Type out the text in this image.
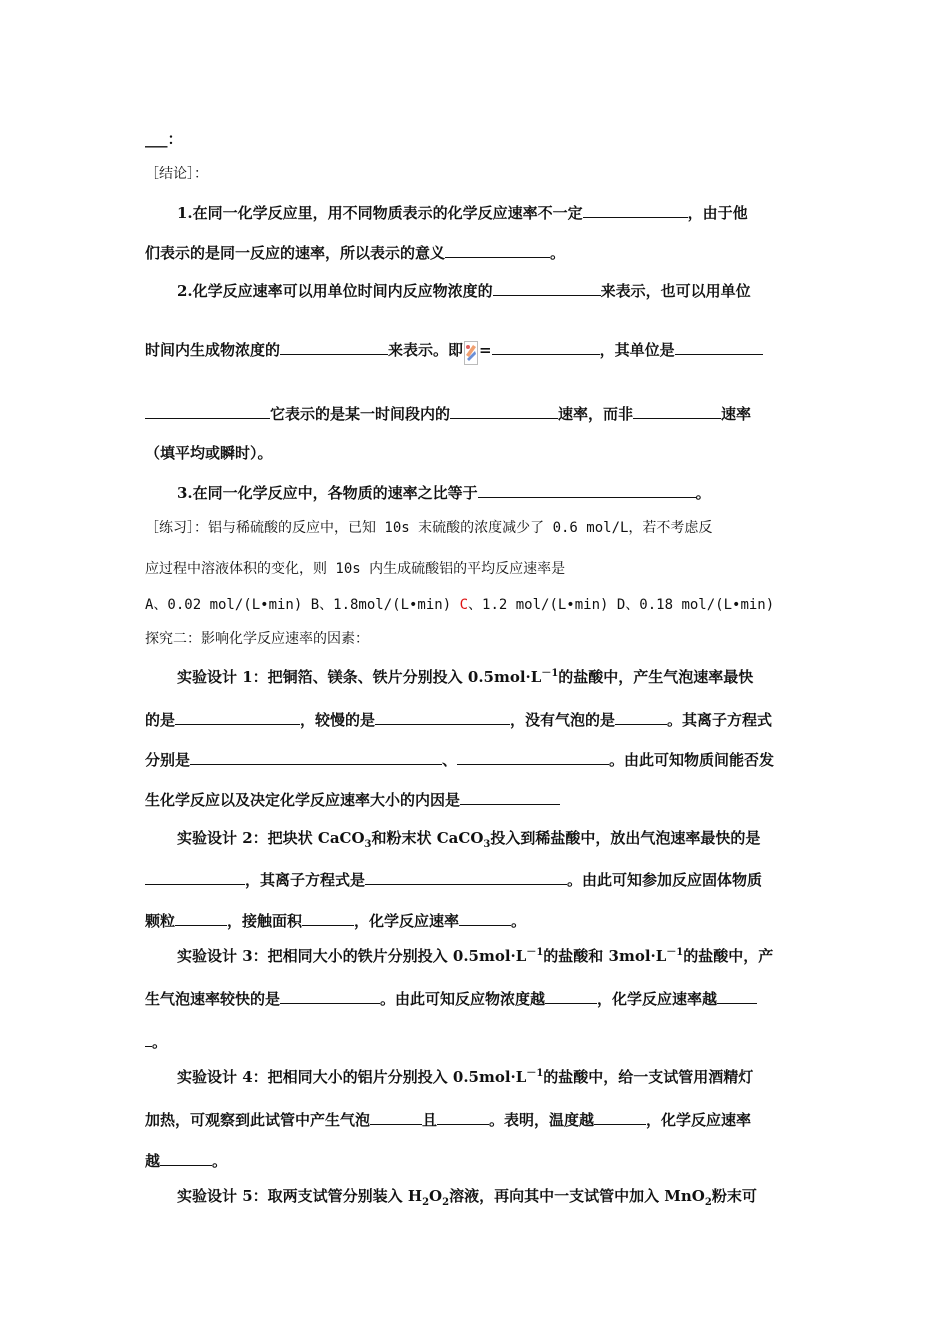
___：
［结论］：
1.在同一化学反应里，用不同物质表示的化学反应速率不一定	，由于他
们表示的是同一反应的速率，所以表示的意义	。
2.化学反应速率可以用单位时间内反应物浓度的	来表示，也可以用单位
时间内生成物浓度的	来表示。即 =	，其单位是
它表示的是某一时间段内的	速率，而非	速率
（填平均或瞬时）。
3.在同一化学反应中，各物质的速率之比等于	。
［练习］：铝与稀硫酸的反应中，已知 10s 末硫酸的浓度减少了 0.6 mol/L，若不考虑反
应过程中溶液体积的变化，则 10s 内生成硫酸铝的平均反应速率是
A、0.02 mol/(L•min) B、1.8mol/(L•min) C、1.2 mol/(L•min) D、0.18 mol/(L•min)
探究二：影响化学反应速率的因素：
实验设计 1：把铜箔、镁条、铁片分别投入 $0.5mol\cdot L^{-1}$的盐酸中，产生气泡速率最快
的是	，较慢的是	，没有气泡的是	。其离子方程式
分别是	、	。由此可知物质间能否发
生化学反应以及决定化学反应速率大小的内因是
实验设计 2：把块状 CaCO$_3$和粉末状 CaCO$_3$投入到稀盐酸中，放出气泡速率最快的是
，其离子方程式是	。由此可知参加反应固体物质
颗粒	，接触面积	，化学反应速率	。
实验设计 3：把相同大小的铁片分别投入 $0.5mol\cdot L^{-1}$的盐酸和 $3mol\cdot L^{-1}$的盐酸中，产
生气泡速率较快的是	。由此可知反应物浓度越	，化学反应速率越
。
实验设计 4：把相同大小的铝片分别投入 $0.5mol\cdot L^{-1}$的盐酸中，给一支试管用酒精灯
加热，可观察到此试管中产生气泡	且	。表明，温度越	，化学反应速率
越	。
实验设计 5：取两支试管分别装入 $H_2O_2$溶液，再向其中一支试管中加入 MnO$_2$粉末可
